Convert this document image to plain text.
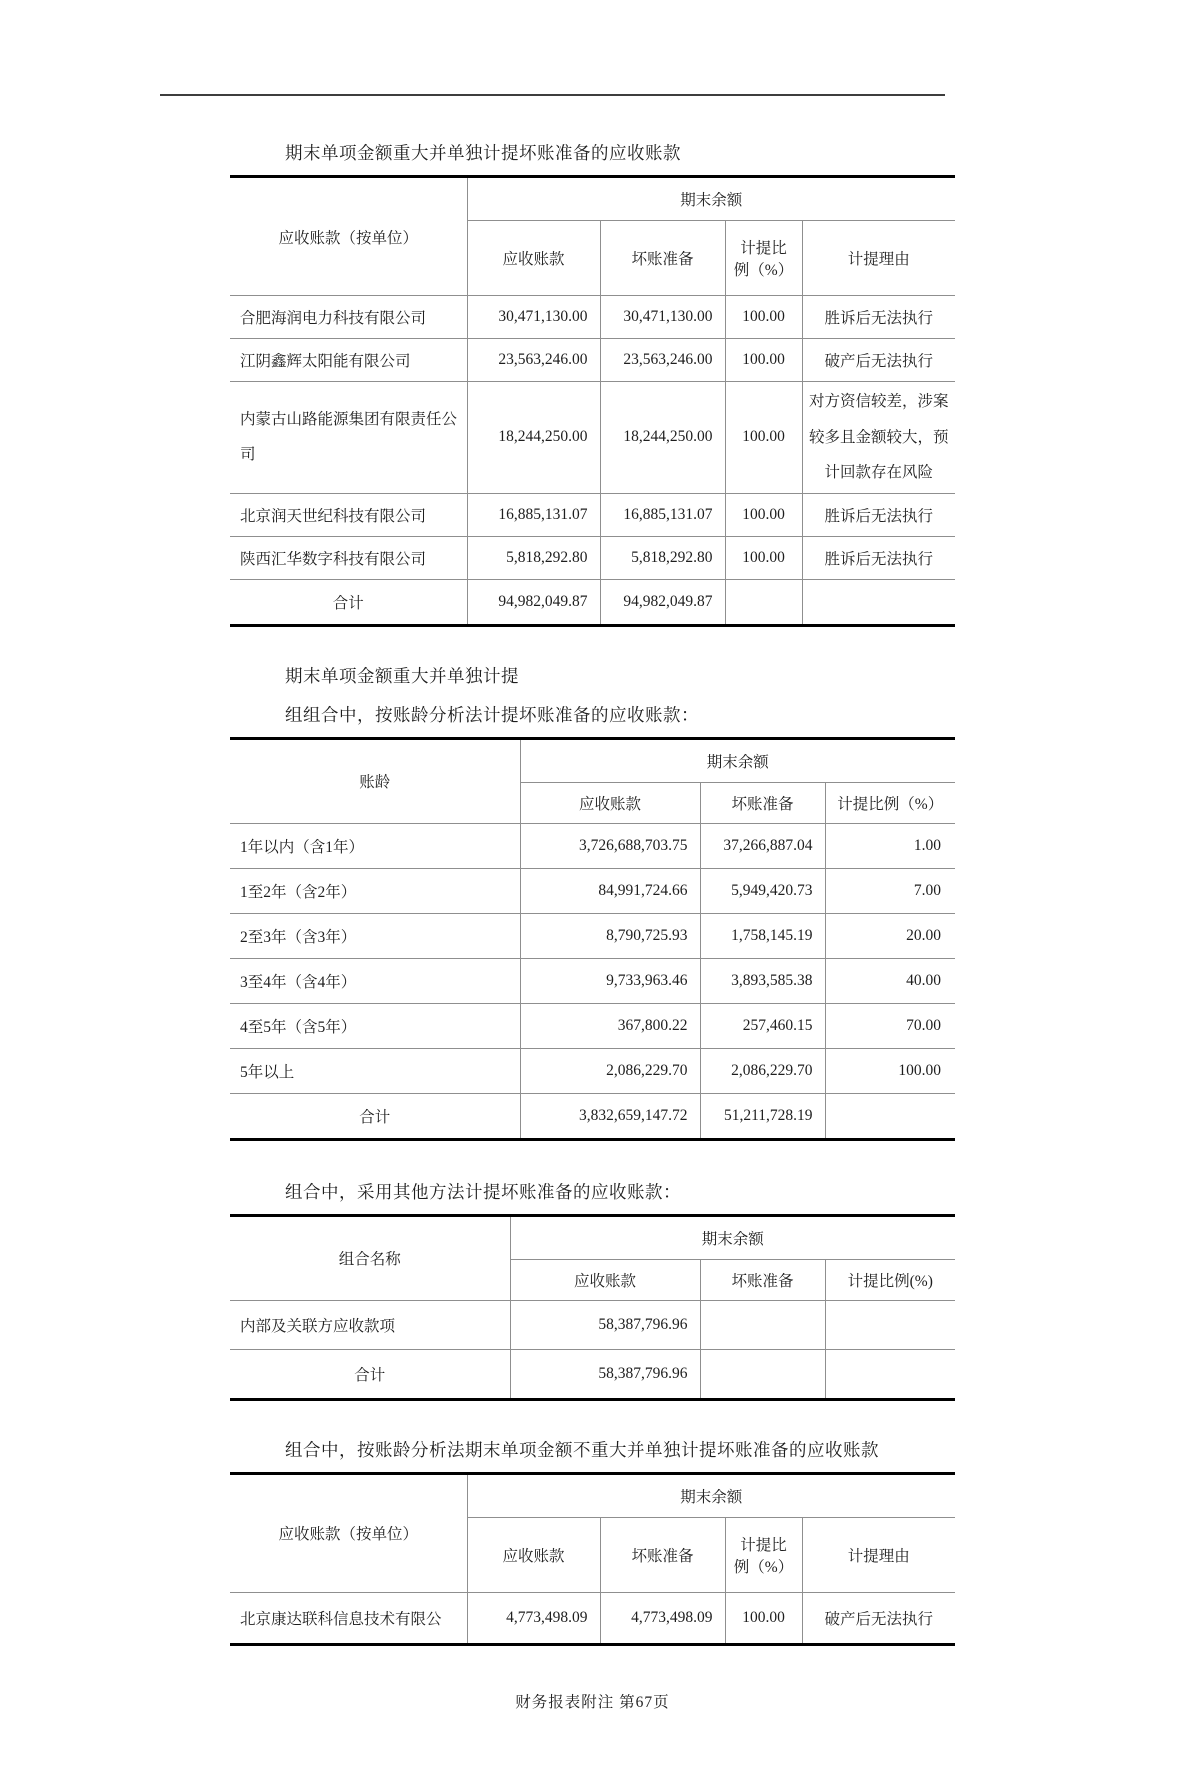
期末单项金额重大并单独计提坏账准备的应收账款
应收账款（按单位）	期末余额			
	应收账款	坏账准备	计提比
例（%）	计提理由
合肥海润电力科技有限公司	30,471,130.00	30,471,130.00	100.00	胜诉后无法执行
江阴鑫辉太阳能有限公司	23,563,246.00	23,563,246.00	100.00	破产后无法执行
内蒙古山路能源集团有限责任公司	18,244,250.00	18,244,250.00	100.00	对方资信较差，涉案较多且金额较大，预计回款存在风险
北京润天世纪科技有限公司	16,885,131.07	16,885,131.07	100.00	胜诉后无法执行
陕西汇华数字科技有限公司	5,818,292.80	5,818,292.80	100.00	胜诉后无法执行
合计	94,982,049.87	94,982,049.87		
期末单项金额重大并单独计提
组组合中，按账龄分析法计提坏账准备的应收账款：
账龄	期末余额		
	应收账款	坏账准备	计提比例（%）
1年以内（含1年）	3,726,688,703.75	37,266,887.04	1.00
1至2年（含2年）	84,991,724.66	5,949,420.73	7.00
2至3年（含3年）	8,790,725.93	1,758,145.19	20.00
3至4年（含4年）	9,733,963.46	3,893,585.38	40.00
4至5年（含5年）	367,800.22	257,460.15	70.00
5年以上	2,086,229.70	2,086,229.70	100.00
合计	3,832,659,147.72	51,211,728.19	
组合中，采用其他方法计提坏账准备的应收账款：
组合名称	期末余额		
	应收账款	坏账准备	计提比例(%)
内部及关联方应收款项	58,387,796.96		
合计	58,387,796.96		
组合中，按账龄分析法期末单项金额不重大并单独计提坏账准备的应收账款
应收账款（按单位）	期末余额			
	应收账款	坏账准备	计提比
例（%）	计提理由
北京康达联科信息技术有限公	4,773,498.09	4,773,498.09	100.00	破产后无法执行
财务报表附注 第67页
